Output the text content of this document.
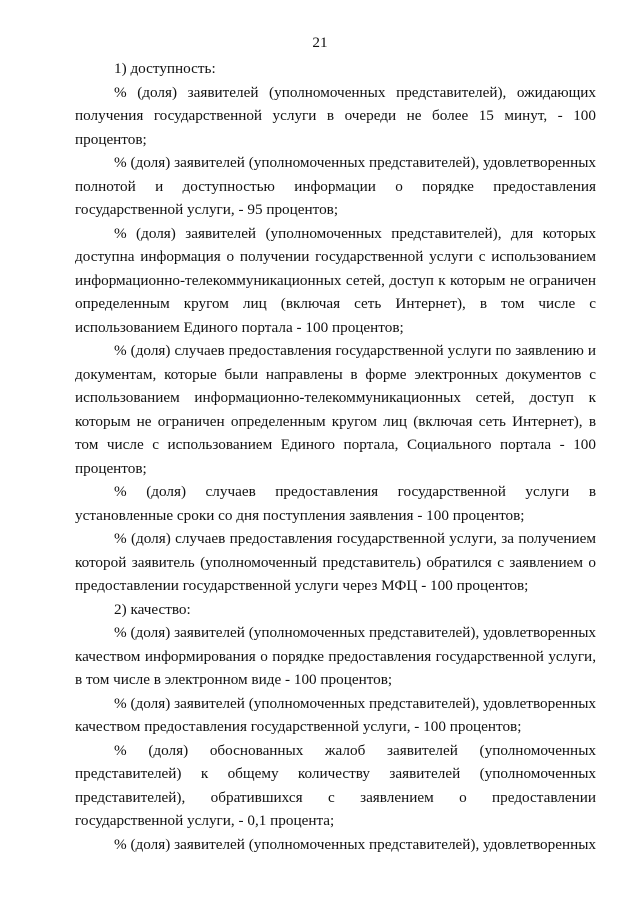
21
1) доступность:
% (доля) заявителей (уполномоченных представителей), ожидающих
получения государственной услуги в очереди не более 15 минут, - 100
процентов;
% (доля) заявителей (уполномоченных представителей), удовлетворенных
полнотой и доступностью информации о порядке предоставления
государственной услуги, - 95 процентов;
% (доля) заявителей (уполномоченных представителей), для которых
доступна информация о получении государственной услуги с использованием
информационно-телекоммуникационных сетей, доступ к которым не ограничен
определенным кругом лиц (включая сеть Интернет), в том числе с
использованием Единого портала - 100 процентов;
% (доля) случаев предоставления государственной услуги по заявлению и
документам, которые были направлены в форме электронных документов с
использованием информационно-телекоммуникационных сетей, доступ к
которым не ограничен определенным кругом лиц (включая сеть Интернет), в
том числе с использованием Единого портала, Социального портала - 100
процентов;
% (доля) случаев предоставления государственной услуги в
установленные сроки со дня поступления заявления - 100 процентов;
% (доля) случаев предоставления государственной услуги, за получением
которой заявитель (уполномоченный представитель) обратился с заявлением о
предоставлении государственной услуги через МФЦ - 100 процентов;
2) качество:
% (доля) заявителей (уполномоченных представителей), удовлетворенных
качеством информирования о порядке предоставления государственной услуги,
в том числе в электронном виде - 100 процентов;
% (доля) заявителей (уполномоченных представителей), удовлетворенных
качеством предоставления государственной услуги, - 100 процентов;
% (доля) обоснованных жалоб заявителей (уполномоченных
представителей) к общему количеству заявителей (уполномоченных
представителей), обратившихся с заявлением о предоставлении
государственной услуги, - 0,1 процента;
% (доля) заявителей (уполномоченных представителей), удовлетворенных
